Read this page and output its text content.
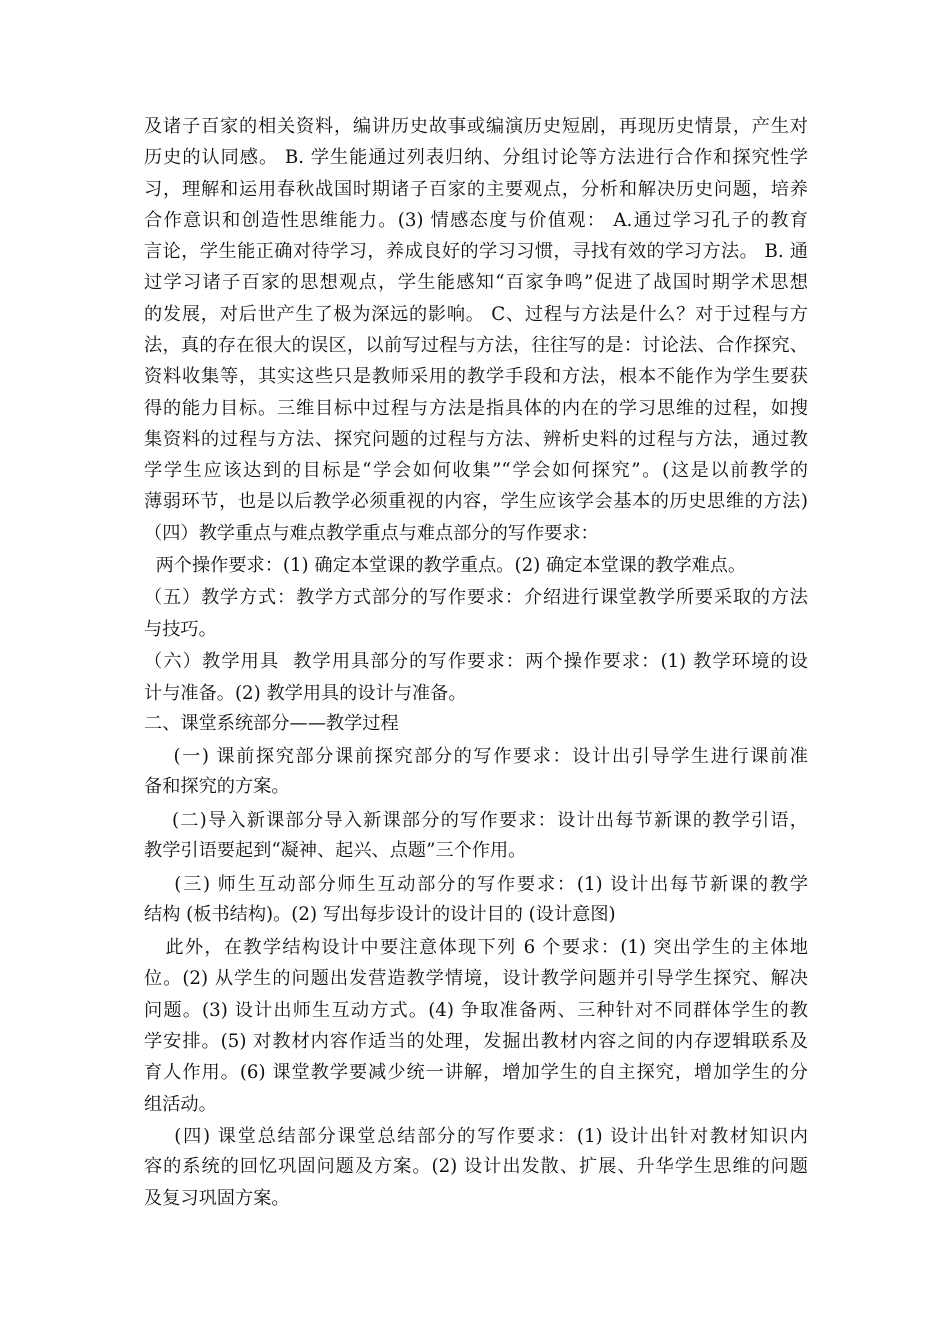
及诸子百家的相关资料，编讲历史故事或编演历史短剧，再现历史情景，产生对
历史的认同感。 B. 学生能通过列表归纳、分组讨论等方法进行合作和探究性学
习，理解和运用春秋战国时期诸子百家的主要观点，分析和解决历史问题，培养
合作意识和创造性思维能力。(3) 情感态度与价值观： A.通过学习孔子的教育
言论，学生能正确对待学习，养成良好的学习习惯，寻找有效的学习方法。 B. 通
过学习诸子百家的思想观点，学生能感知“百家争鸣”促进了战国时期学术思想
的发展，对后世产生了极为深远的影响。 C、过程与方法是什么？对于过程与方
法，真的存在很大的误区，以前写过程与方法，往往写的是：讨论法、合作探究、
资料收集等，其实这些只是教师采用的教学手段和方法，根本不能作为学生要获
得的能力目标。三维目标中过程与方法是指具体的内在的学习思维的过程，如搜
集资料的过程与方法、探究问题的过程与方法、辨析史料的过程与方法，通过教
学学生应该达到的目标是“学会如何收集”“学会如何探究”。(这是以前教学的
薄弱环节，也是以后教学必须重视的内容，学生应该学会基本的历史思维的方法)
（四）教学重点与难点教学重点与难点部分的写作要求：
两个操作要求：(1) 确定本堂课的教学重点。(2) 确定本堂课的教学难点。
（五）教学方式：教学方式部分的写作要求：介绍进行课堂教学所要采取的方法
与技巧。
（六）教学用具  教学用具部分的写作要求：两个操作要求：(1) 教学环境的设
计与准备。(2) 教学用具的设计与准备。
二、课堂系统部分——教学过程
(一) 课前探究部分课前探究部分的写作要求：设计出引导学生进行课前准
备和探究的方案。
(二)导入新课部分导入新课部分的写作要求：设计出每节新课的教学引语，
教学引语要起到“凝神、起兴、点题”三个作用。
(三) 师生互动部分师生互动部分的写作要求：(1) 设计出每节新课的教学
结构 (板书结构)。(2) 写出每步设计的设计目的 (设计意图)
此外，在教学结构设计中要注意体现下列 6 个要求：(1) 突出学生的主体地
位。(2) 从学生的问题出发营造教学情境，设计教学问题并引导学生探究、解决
问题。(3) 设计出师生互动方式。(4) 争取准备两、三种针对不同群体学生的教
学安排。(5) 对教材内容作适当的处理，发掘出教材内容之间的内存逻辑联系及
育人作用。(6) 课堂教学要减少统一讲解，增加学生的自主探究，增加学生的分
组活动。
(四) 课堂总结部分课堂总结部分的写作要求：(1) 设计出针对教材知识内
容的系统的回忆巩固问题及方案。(2) 设计出发散、扩展、升华学生思维的问题
及复习巩固方案。
